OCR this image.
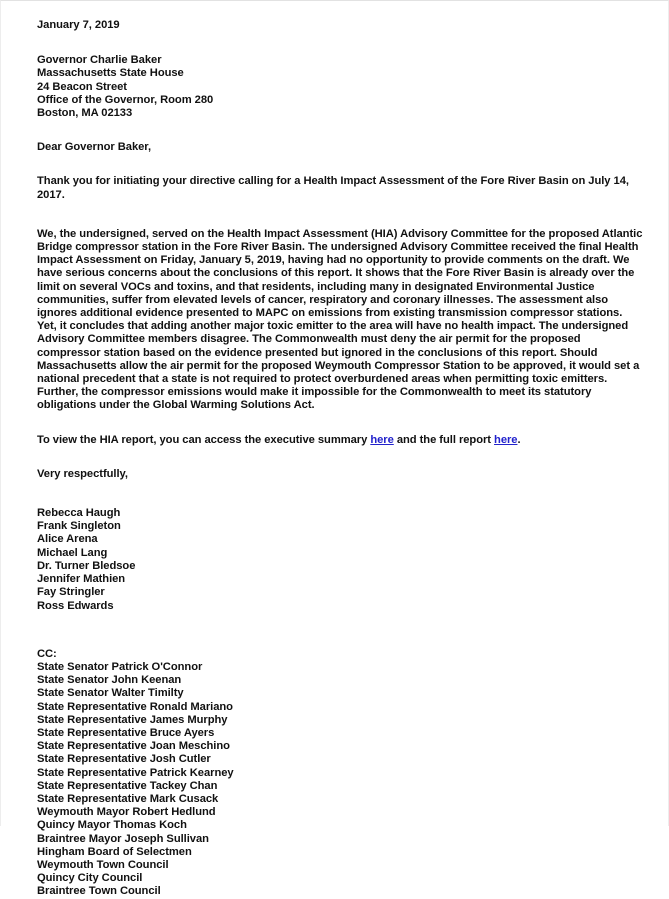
January 7, 2019
Governor Charlie Baker
Massachusetts State House
24 Beacon Street
Office of the Governor, Room 280
Boston, MA 02133
Dear Governor Baker,
Thank you for initiating your directive calling for a Health Impact Assessment of the Fore River Basin on July 14, 2017.
We, the undersigned, served on the Health Impact Assessment (HIA) Advisory Committee for the proposed Atlantic Bridge compressor station in the Fore River Basin. The undersigned Advisory Committee received the final Health Impact Assessment on Friday, January 5, 2019, having had no opportunity to provide comments on the draft. We have serious concerns about the conclusions of this report. It shows that the Fore River Basin is already over the limit on several VOCs and toxins, and that residents, including many in designated Environmental Justice communities, suffer from elevated levels of cancer, respiratory and coronary illnesses. The assessment also ignores additional evidence presented to MAPC on emissions from existing transmission compressor stations. Yet, it concludes that adding another major toxic emitter to the area will have no health impact. The undersigned Advisory Committee members disagree. The Commonwealth must deny the air permit for the proposed compressor station based on the evidence presented but ignored in the conclusions of this report. Should Massachusetts allow the air permit for the proposed Weymouth Compressor Station to be approved, it would set a national precedent that a state is not required to protect overburdened areas when permitting toxic emitters. Further, the compressor emissions would make it impossible for the Commonwealth to meet its statutory obligations under the Global Warming Solutions Act.
To view the HIA report, you can access the executive summary here and the full report here.
Very respectfully,
Rebecca Haugh
Frank Singleton
Alice Arena
Michael Lang
Dr. Turner Bledsoe
Jennifer Mathien
Fay Stringler
Ross Edwards
CC:
State Senator Patrick O'Connor
State Senator John Keenan
State Senator Walter Timilty
State Representative Ronald Mariano
State Representative James Murphy
State Representative Bruce Ayers
State Representative Joan Meschino
State Representative Josh Cutler
State Representative Patrick Kearney
State Representative Tackey Chan
State Representative Mark Cusack
Weymouth Mayor Robert Hedlund
Quincy Mayor Thomas Koch
Braintree Mayor Joseph Sullivan
Hingham Board of Selectmen
Weymouth Town Council
Quincy City Council
Braintree Town Council
